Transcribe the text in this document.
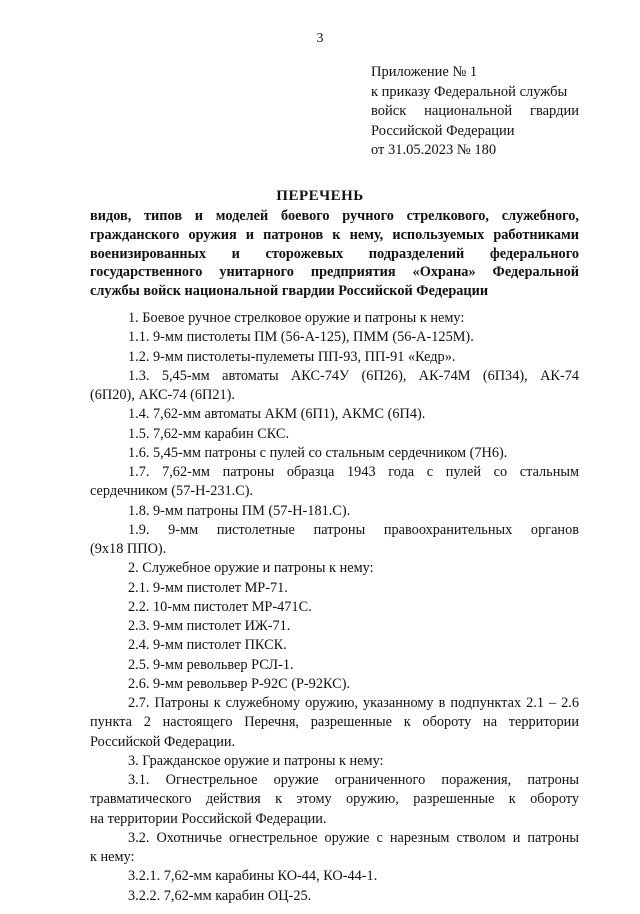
3
Приложение № 1
к приказу Федеральной службы
войск национальной гвардии
Российской Федерации
от 31.05.2023 № 180
ПЕРЕЧЕНЬ
видов, типов и моделей боевого ручного стрелкового, служебного,
гражданского оружия и патронов к нему, используемых работниками
военизированных и сторожевых подразделений федерального
государственного унитарного предприятия «Охрана» Федеральной
службы войск национальной гвардии Российской Федерации
1. Боевое ручное стрелковое оружие и патроны к нему:
1.1. 9-мм пистолеты ПМ (56-А-125), ПММ (56-А-125М).
1.2. 9-мм пистолеты-пулеметы ПП-93, ПП-91 «Кедр».
1.3. 5,45-мм автоматы АКС-74У (6П26), АК-74М (6П34), АК-74
(6П20), АКС-74 (6П21).
1.4. 7,62-мм автоматы АКМ (6П1), АКМС (6П4).
1.5. 7,62-мм карабин СКС.
1.6. 5,45-мм патроны с пулей со стальным сердечником (7Н6).
1.7. 7,62-мм патроны образца 1943 года с пулей со стальным
сердечником (57-Н-231.С).
1.8. 9-мм патроны ПМ (57-Н-181.С).
1.9. 9-мм пистолетные патроны правоохранительных органов
(9x18 ППО).
2. Служебное оружие и патроны к нему:
2.1. 9-мм пистолет МР-71.
2.2. 10-мм пистолет МР-471С.
2.3. 9-мм пистолет ИЖ-71.
2.4. 9-мм пистолет ПКСК.
2.5. 9-мм револьвер РСЛ-1.
2.6. 9-мм револьвер Р-92С (Р-92КС).
2.7. Патроны к служебному оружию, указанному в подпунктах 2.1 – 2.6
пункта 2 настоящего Перечня, разрешенные к обороту на территории
Российской Федерации.
3. Гражданское оружие и патроны к нему:
3.1. Огнестрельное оружие ограниченного поражения, патроны
травматического действия к этому оружию, разрешенные к обороту
на территории Российской Федерации.
3.2. Охотничье огнестрельное оружие с нарезным стволом и патроны
к нему:
3.2.1. 7,62-мм карабины КО-44, КО-44-1.
3.2.2. 7,62-мм карабин ОЦ-25.
